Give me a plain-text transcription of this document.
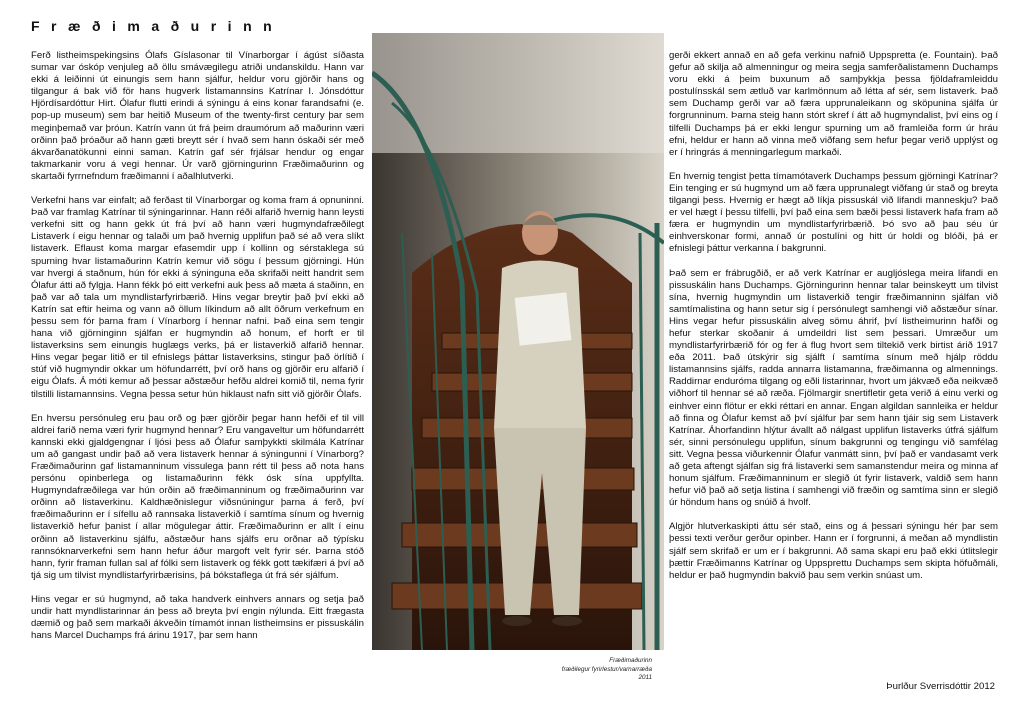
Fræðimaðurinn

Ferð listheimspekingsins Ólafs Gíslasonar til Vínarborgar í ágúst síðasta sumar var óskóp venjuleg að öllu smávægilegu atriði undanskildu. Hann var ekki á leiðinni út einungis sem hann sjálfur, heldur voru gjörðir hans og tilgangur á bak við för hans hugverk listamannsins Katrínar I. Jónsdóttur Hjördísardóttur Hirt. Ólafur flutti erindi á sýningu á eins konar farandsafni (e. pop-up museum) sem bar heitið Museum of the twenty-first century þar sem meginþemað var þróun. Katrín vann út frá þeim draumórum að maðurinn væri orðinn það þróaður að hann gæti breytt sér í hvað sem hann óskaði sér með ákvarðanatökunni einni saman. Katrín gaf sér frjálsar hendur og engar takmarkanir voru á vegi hennar. Úr varð gjörningurinn Fræðimaðurinn og skartaði fyrrnefndum fræðimanni í aðalhlutverki.

Verkefni hans var einfalt; að ferðast til Vínarborgar og koma fram á opnuninni. Það var framlag Katrínar til sýningarinnar. Hann réði alfarið hvernig hann leysti verkefni sitt og hann gekk út frá því að hann væri hugmyndafræðilegt Listaverk í eigu hennar og talaði um það hvernig upplifun það sé að vera slíkt listaverk. Eflaust koma margar efasemdir upp í kollinn og sérstaklega sú spurning hvar listamaðurinn Katrín kemur við sögu í þessum gjörningi. Hún var hvergi á staðnum, hún fór ekki á sýninguna eða skrifaði neitt handrit sem Ólafur átti að fylgja. Hann fékk þó eitt verkefni auk þess að mæta á staðinn, en það var að tala um myndlistarfyrirbærið. Hins vegar breytir það því ekki að Katrín sat eftir heima og vann að öllum líkindum að allt öðrum verkefnum en þessu sem fór þarna fram í Vínarborg í hennar nafni. Það eina sem tengir hana við gjörninginn sjálfan er hugmyndin að honum, ef horft er til listaverksins sem einungis huglægs verks, þá er listaverkið alfarið hennar. Hins vegar þegar litið er til efnislegs þáttar listaverksins, stingur það örlítið í stúf við hugmyndir okkar um höfundarrétt, því orð hans og gjörðir eru alfarið í eigu Ólafs. Á móti kemur að þessar aðstæður hefðu aldrei komið til, nema fyrir tilstilli listamannsins. Vegna þessa setur hún hiklaust nafn sitt við gjörðir Ólafs.

En hversu persónuleg eru þau orð og þær gjörðir þegar hann hefði ef til vill aldrei farið nema væri fyrir hugmynd hennar? Eru vangaveltur um höfundarrétt kannski ekki gjaldgengnar í ljósi þess að Ólafur samþykkti skilmála Katrínar um að gangast undir það að vera listaverk hennar á sýningunni í Vínarborg? Fræðimaðurinn gaf listamanninum vissulega þann rétt til þess að nota hans persónu opinberlega og listamaðurinn fékk ósk sína uppfyllta. Hugmyndafræðilega var hún orðin að fræðimanninum og fræðimaðurinn var orðinn að listaverkinu. Kaldhæðnislegur viðsnúningur þarna á ferð, því fræðimaðurinn er í sífellu að rannsaka listaverkið í samtíma sínum og hvernig listaverkið hefur þanist í allar mögulegar áttir. Fræðimaðurinn er allt í einu orðinn að listaverkinu sjálfu, aðstæður hans sjálfs eru orðnar að týpísku rannsóknarverkefni sem hann hefur áður margoft velt fyrir sér. Þarna stóð hann, fyrir framan fullan sal af fólki sem listaverk og fékk gott tækifæri á því að tjá sig um tilvist myndlistarfyrirbærisins, þá bókstaflega út frá sér sjálfum.

Hins vegar er sú hugmynd, að taka handverk einhvers annars og setja það undir hatt myndlistarinnar án þess að breyta því engin nýlunda. Eitt frægasta dæmið og það sem markaði ákveðin tímamót innan listheimsins er pissuskálin hans Marcel Duchamps frá árinu 1917, þar sem hann

Fræðimaðurinn
fræðilegur fyrirlestur/varnarræða
2011

gerði ekkert annað en að gefa verkinu nafnið Uppspretta (e. Fountain). Það gefur að skilja að almenningur og meira segja samferðalistamenn Duchamps voru ekki á þeim buxunum að samþykkja þessa fjöldaframleiddu postulínsskál sem ætluð var karlmönnum að létta af sér, sem listaverk. Það sem Duchamp gerði var að færa upprunaleikann og sköpunina sjálfa úr forgrunninum. Þarna steig hann stórt skref í átt að hugmyndalist, því eins og í tilfelli Duchamps þá er ekki lengur spurning um að framleiða form úr hráu efni, heldur er hann að vinna með viðfang sem hefur þegar verið upplýst og er í hringrás á menningarlegum markaði.

En hvernig tengist þetta tímamótaverk Duchamps þessum gjörningi Katrínar? Ein tenging er sú hugmynd um að færa upprunalegt viðfang úr stað og breyta tilgangi þess. Hvernig er hægt að líkja pissuskál við lifandi manneskju? Það er vel hægt í þessu tilfelli, því það eina sem bæði þessi listaverk hafa fram að færa er hugmyndin um myndlistarfyrirbærið. Þó svo að þau séu úr einhverskonar formi, annað úr postulíni og hitt úr holdi og blóði, þá er efnislegi þáttur verkanna í bakgrunni.

Það sem er frábrugðið, er að verk Katrínar er augljóslega meira lifandi en pissuskálin hans Duchamps. Gjörningurinn hennar talar beinskeytt um tilvist sína, hvernig hugmyndin um listaverkið tengir fræðimanninn sjálfan við samtímalistina og hann setur sig í persónulegt samhengi við aðstæður sínar. Hins vegar hefur pissuskálin alveg sömu áhrif, því listheimurinn hafði og hefur sterkar skoðanir á umdeildri list sem þessari. Umræður um myndlistarfyrirbærið fór og fer á flug hvort sem tiltekið verk birtist árið 1917 eða 2011. Það útskýrir sig sjálft í samtíma sínum með hjálp röddu listamannsins sjálfs, radda annarra listamanna, fræðimanna og almennings. Raddirnar enduróma tilgang og eðli listarinnar, hvort um jákvæð eða neikvæð viðhorf til hennar sé að ræða. Fjölmargir snertifletir geta verið á einu verki og einhver einn flötur er ekki réttari en annar. Engan algildan sannleika er heldur að finna og Ólafur kemst að því sjálfur þar sem hann tjáir sig sem Listaverk Katrínar. Áhorfandinn hlýtur ávallt að nálgast upplifun listaverks útfrá sjálfum sér, sinni persónulegu upplifun, sínum bakgrunni og tengingu við samfélag sitt. Vegna þessa viðurkennir Ólafur vanmátt sinn, því það er vandasamt verk að geta aftengt sjálfan sig frá listaverki sem samanstendur meira og minna af honum sjálfum. Fræðimanninum er slegið út fyrir listaverk, valdið sem hann hefur við það að setja listina í samhengi við fræðin og samtíma sinn er slegið úr höndum hans og snúið á hvolf.

Algjör hlutverkaskipti áttu sér stað, eins og á þessari sýningu hér þar sem þessi texti verður gerður opinber. Hann er í forgrunni, á meðan að myndlistin sjálf sem skrifað er um er í bakgrunni. Að sama skapi eru það ekki útlitslegir þættir Fræðimanns Katrínar og Uppsprettu Duchamps sem skipta höfuðmáli, heldur er það hugmyndin bakvið þau sem verkin snúast um.

Þurlður Sverrisdóttir 2012
